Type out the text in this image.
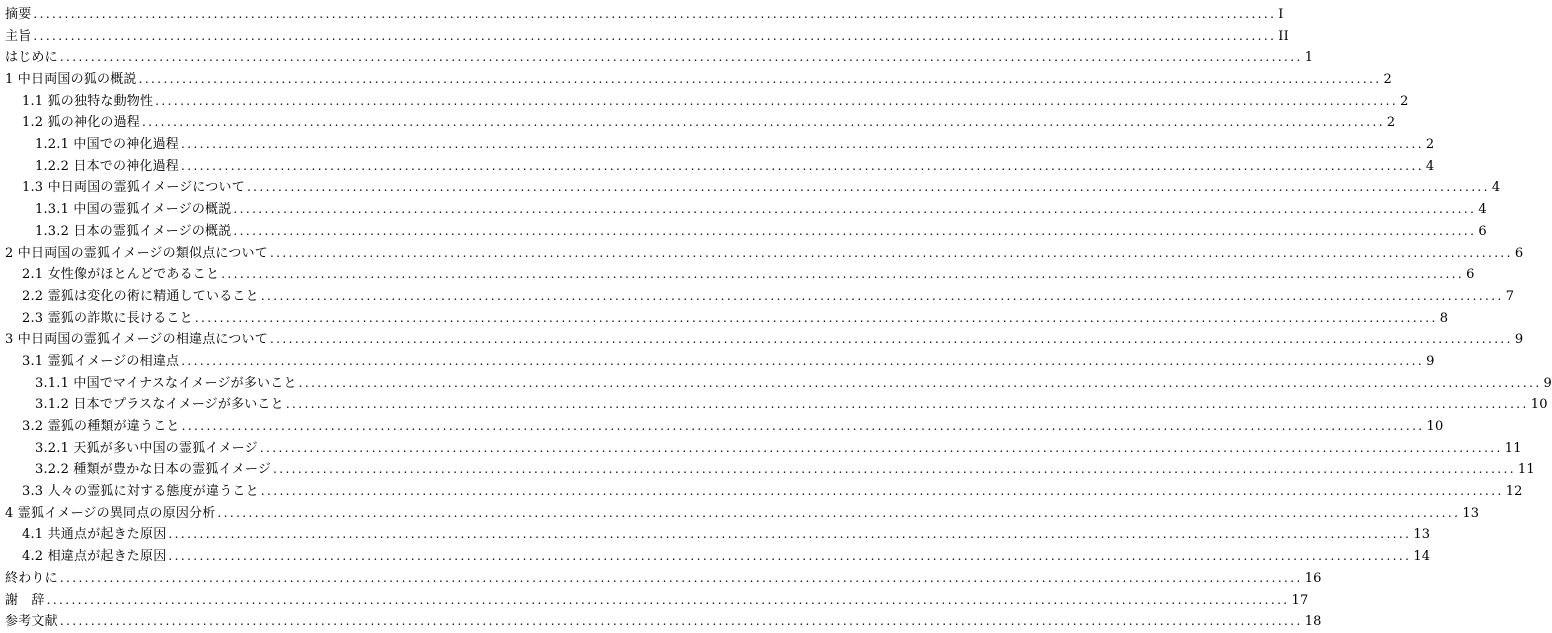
摘要 ........................................................................................................................................................................................................ I
主旨 ........................................................................................................................................................................................................ II
はじめに ........................................................................................................................................................................................................ 1
1 中日両国の狐の概説 ........................................................................................................................................................................................................ 2
1.1 狐の独特な動物性 ........................................................................................................................................................................................................ 2
1.2 狐の神化の過程 ........................................................................................................................................................................................................ 2
1.2.1 中国での神化過程 ........................................................................................................................................................................................................ 2
1.2.2 日本での神化過程 ........................................................................................................................................................................................................ 4
1.3 中日両国の霊狐イメージについて ........................................................................................................................................................................................................ 4
1.3.1 中国の霊狐イメージの概説 ........................................................................................................................................................................................................ 4
1.3.2 日本の霊狐イメージの概説 ........................................................................................................................................................................................................ 6
2 中日両国の霊狐イメージの類似点について ........................................................................................................................................................................................................ 6
2.1 女性像がほとんどであること ........................................................................................................................................................................................................ 6
2.2 霊狐は変化の術に精通していること ........................................................................................................................................................................................................ 7
2.3 霊狐の詐欺に長けること ........................................................................................................................................................................................................ 8
3 中日両国の霊狐イメージの相違点について ........................................................................................................................................................................................................ 9
3.1 霊狐イメージの相違点 ........................................................................................................................................................................................................ 9
3.1.1 中国でマイナスなイメージが多いこと ........................................................................................................................................................................................................ 9
3.1.2 日本でプラスなイメージが多いこと ........................................................................................................................................................................................................ 10
3.2 霊狐の種類が違うこと ........................................................................................................................................................................................................ 10
3.2.1 天狐が多い中国の霊狐イメージ ........................................................................................................................................................................................................ 11
3.2.2 種類が豊かな日本の霊狐イメージ ........................................................................................................................................................................................................ 11
3.3 人々の霊狐に対する態度が違うこと ........................................................................................................................................................................................................ 12
4 霊狐イメージの異同点の原因分析 ........................................................................................................................................................................................................ 13
4.1 共通点が起きた原因 ........................................................................................................................................................................................................ 13
4.2 相違点が起きた原因 ........................................................................................................................................................................................................ 14
終わりに ........................................................................................................................................................................................................ 16
謝　辞 ........................................................................................................................................................................................................ 17
参考文献 ........................................................................................................................................................................................................ 18
